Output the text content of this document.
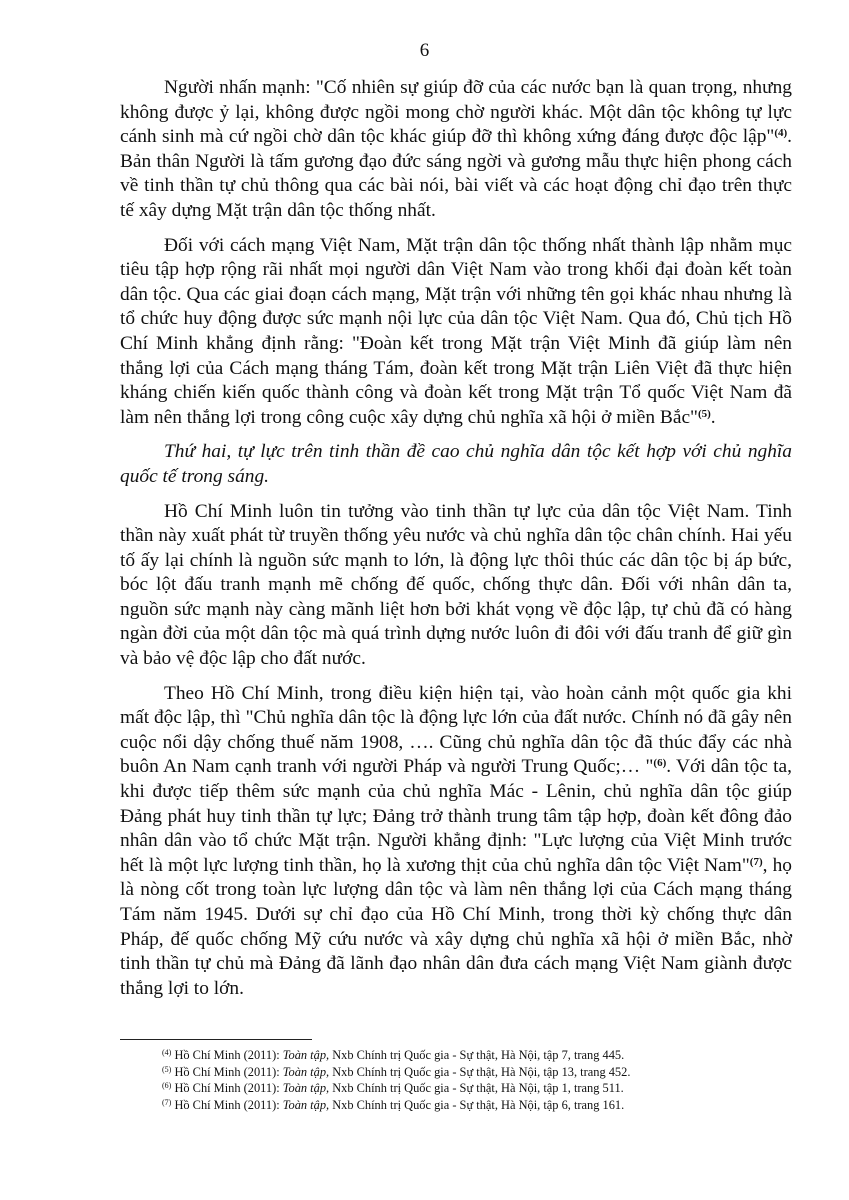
6

Người nhấn mạnh: "Cố nhiên sự giúp đỡ của các nước bạn là quan trọng, nhưng không được ỷ lại, không được ngồi mong chờ người khác. Một dân tộc không tự lực cánh sinh mà cứ ngồi chờ dân tộc khác giúp đỡ thì không xứng đáng được độc lập"$^{(4)}$. Bản thân Người là tấm gương đạo đức sáng ngời và gương mẫu thực hiện phong cách về tinh thần tự chủ thông qua các bài nói, bài viết và các hoạt động chỉ đạo trên thực tế xây dựng Mặt trận dân tộc thống nhất.

Đối với cách mạng Việt Nam, Mặt trận dân tộc thống nhất thành lập nhằm mục tiêu tập hợp rộng rãi nhất mọi người dân Việt Nam vào trong khối đại đoàn kết toàn dân tộc. Qua các giai đoạn cách mạng, Mặt trận với những tên gọi khác nhau nhưng là tổ chức huy động được sức mạnh nội lực của dân tộc Việt Nam. Qua đó, Chủ tịch Hồ Chí Minh khẳng định rằng: "Đoàn kết trong Mặt trận Việt Minh đã giúp làm nên thắng lợi của Cách mạng tháng Tám, đoàn kết trong Mặt trận Liên Việt đã thực hiện kháng chiến kiến quốc thành công và đoàn kết trong Mặt trận Tổ quốc Việt Nam đã làm nên thắng lợi trong công cuộc xây dựng chủ nghĩa xã hội ở miền Bắc"$^{(5)}$.

Thứ hai, tự lực trên tinh thần đề cao chủ nghĩa dân tộc kết hợp với chủ nghĩa quốc tế trong sáng.

Hồ Chí Minh luôn tin tưởng vào tinh thần tự lực của dân tộc Việt Nam. Tinh thần này xuất phát từ truyền thống yêu nước và chủ nghĩa dân tộc chân chính. Hai yếu tố ấy lại chính là nguồn sức mạnh to lớn, là động lực thôi thúc các dân tộc bị áp bức, bóc lột đấu tranh mạnh mẽ chống đế quốc, chống thực dân. Đối với nhân dân ta, nguồn sức mạnh này càng mãnh liệt hơn bởi khát vọng về độc lập, tự chủ đã có hàng ngàn đời của một dân tộc mà quá trình dựng nước luôn đi đôi với đấu tranh để giữ gìn và bảo vệ độc lập cho đất nước.

Theo Hồ Chí Minh, trong điều kiện hiện tại, vào hoàn cảnh một quốc gia khi mất độc lập, thì "Chủ nghĩa dân tộc là động lực lớn của đất nước. Chính nó đã gây nên cuộc nổi dậy chống thuế năm 1908, …. Cũng chủ nghĩa dân tộc đã thúc đẩy các nhà buôn An Nam cạnh tranh với người Pháp và người Trung Quốc;… "$^{(6)}$. Với dân tộc ta, khi được tiếp thêm sức mạnh của chủ nghĩa Mác - Lênin, chủ nghĩa dân tộc giúp Đảng phát huy tinh thần tự lực; Đảng trở thành trung tâm tập hợp, đoàn kết đông đảo nhân dân vào tổ chức Mặt trận. Người khẳng định: "Lực lượng của Việt Minh trước hết là một lực lượng tinh thần, họ là xương thịt của chủ nghĩa dân tộc Việt Nam"$^{(7)}$, họ là nòng cốt trong toàn lực lượng dân tộc và làm nên thắng lợi của Cách mạng tháng Tám năm 1945. Dưới sự chỉ đạo của Hồ Chí Minh, trong thời kỳ chống thực dân Pháp, đế quốc chống Mỹ cứu nước và xây dựng chủ nghĩa xã hội ở miền Bắc, nhờ tinh thần tự chủ mà Đảng đã lãnh đạo nhân dân đưa cách mạng Việt Nam giành được thắng lợi to lớn.

$^{(4)}$ Hồ Chí Minh (2011): Toàn tập, Nxb Chính trị Quốc gia - Sự thật, Hà Nội, tập 7, trang 445.
$^{(5)}$ Hồ Chí Minh (2011): Toàn tập, Nxb Chính trị Quốc gia - Sự thật, Hà Nội, tập 13, trang 452.
$^{(6)}$ Hồ Chí Minh (2011): Toàn tập, Nxb Chính trị Quốc gia - Sự thật, Hà Nội, tập 1, trang 511.
$^{(7)}$ Hồ Chí Minh (2011): Toàn tập, Nxb Chính trị Quốc gia - Sự thật, Hà Nội, tập 6, trang 161.
